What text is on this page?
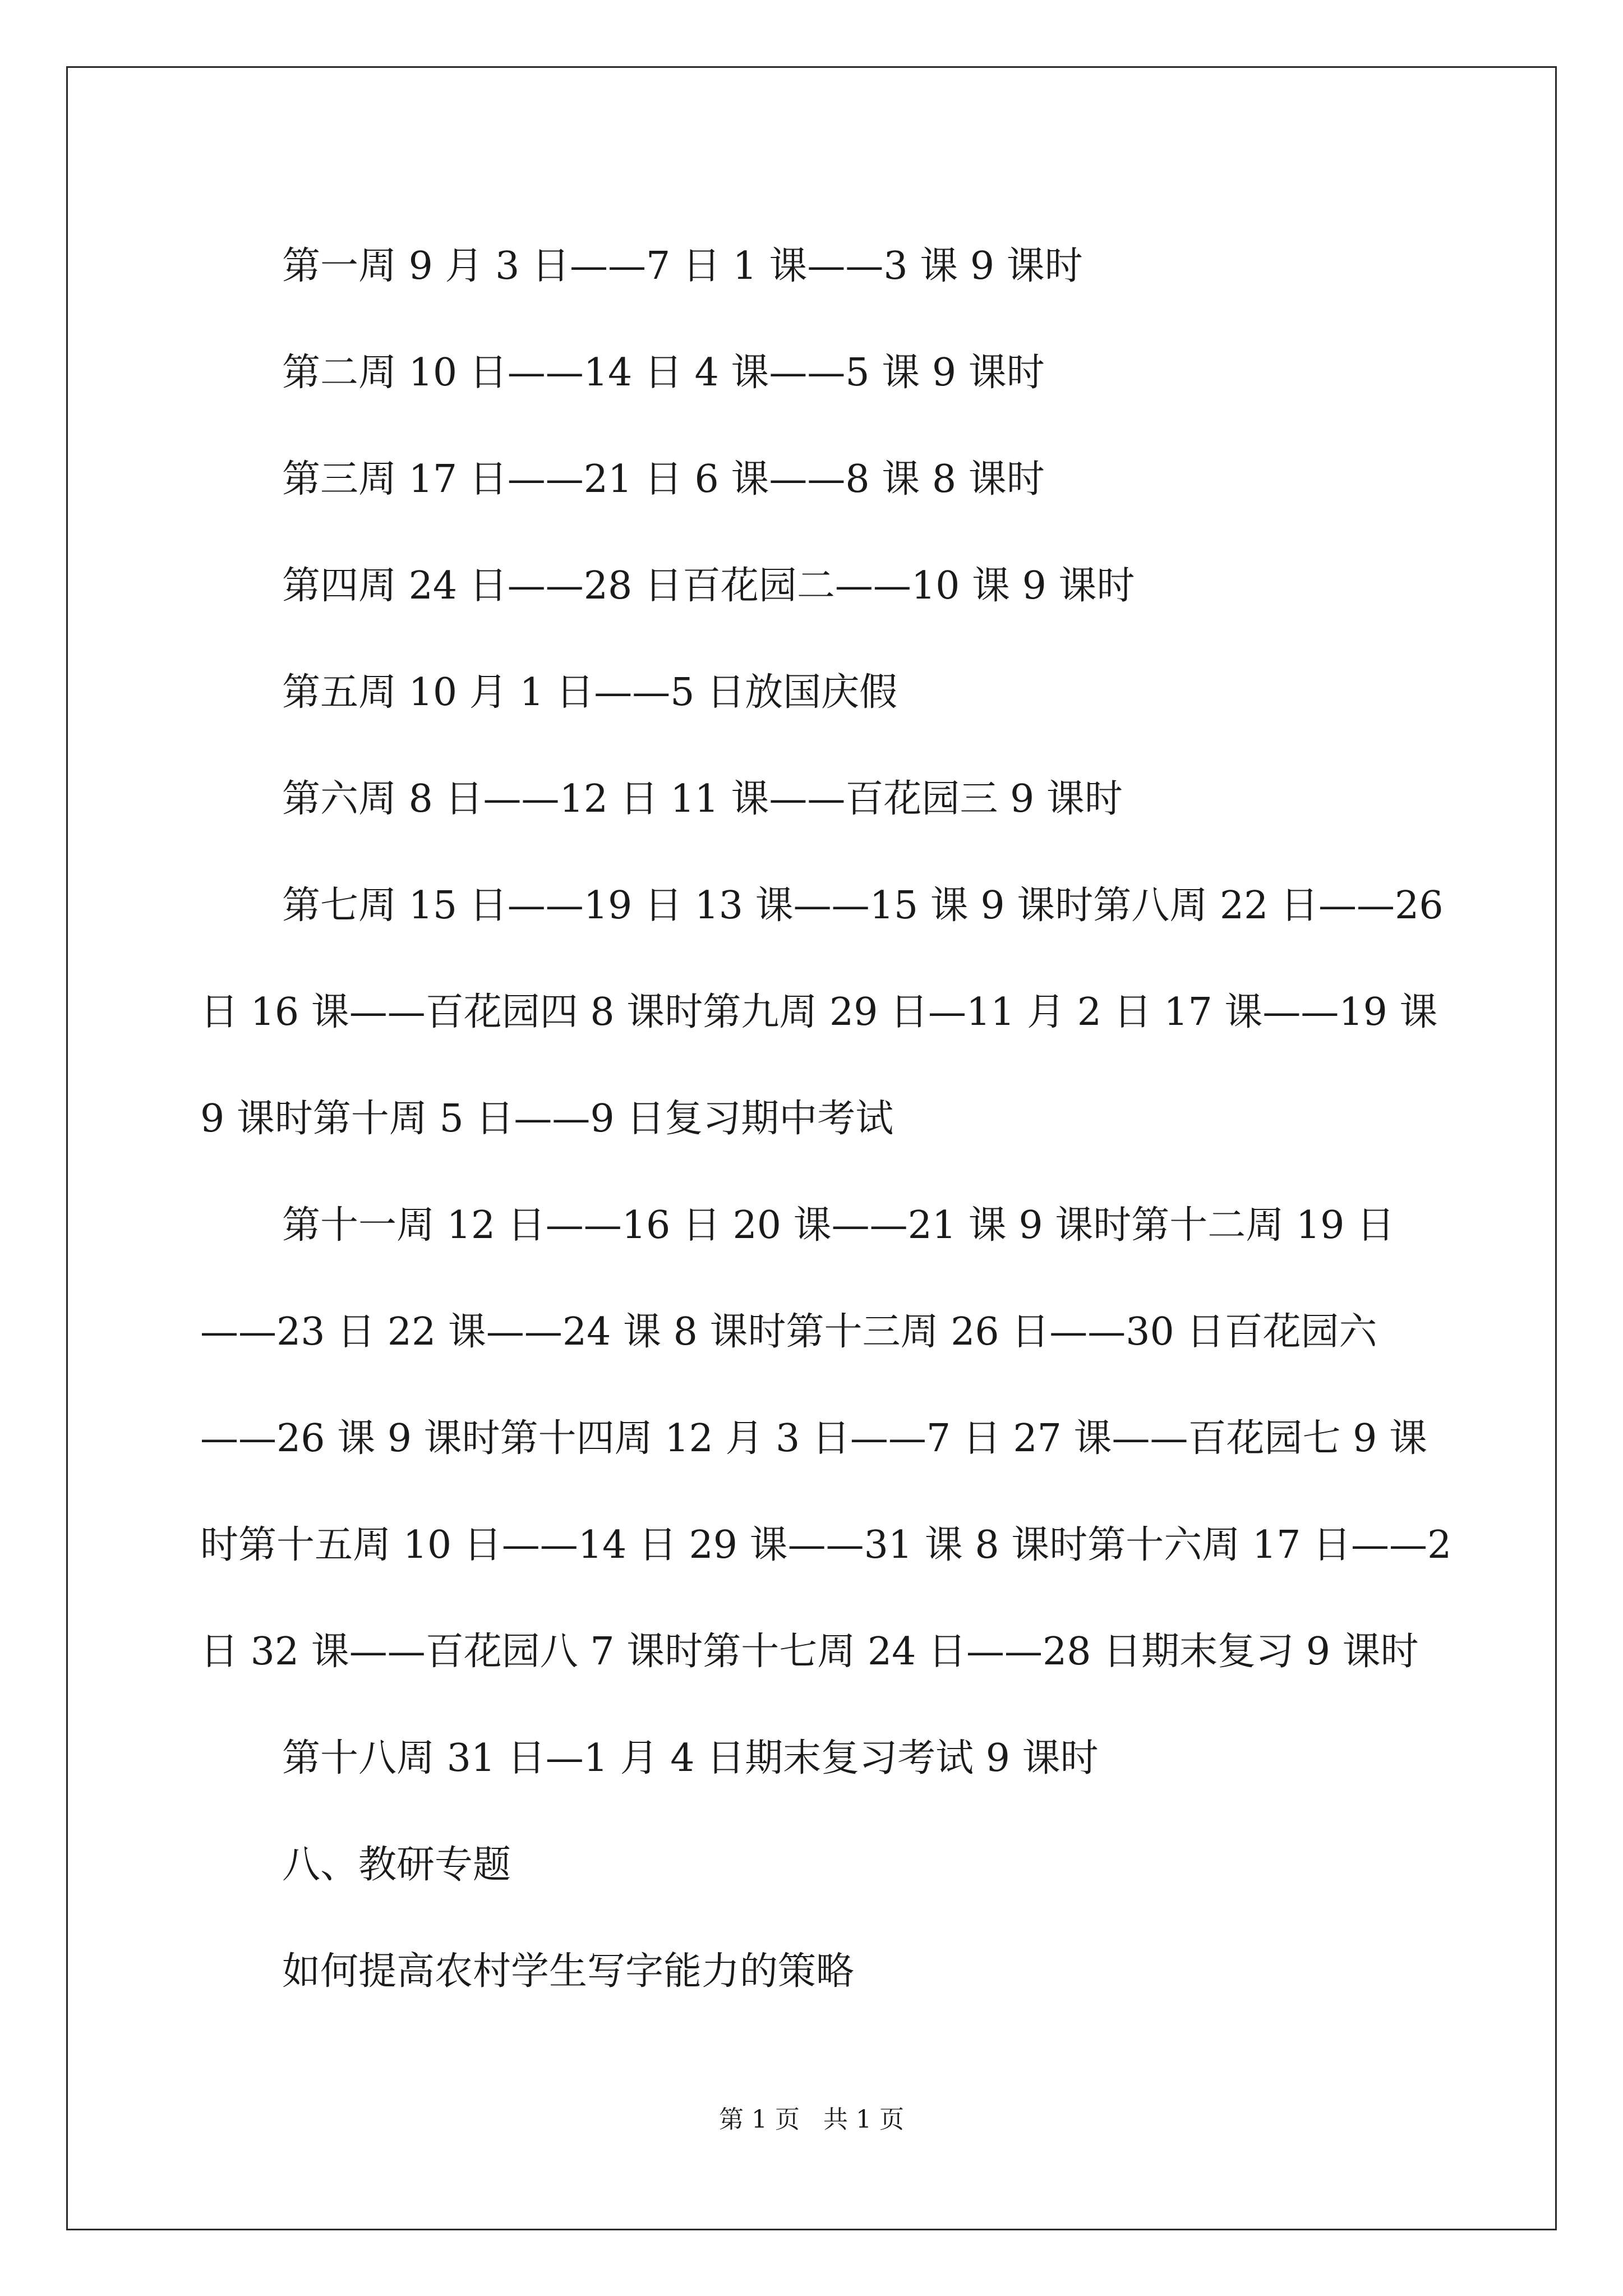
第一周 9 月 3 日——7 日 1 课——3 课 9 课时
第二周 10 日——14 日 4 课——5 课 9 课时
第三周 17 日——21 日 6 课——8 课 8 课时
第四周 24 日——28 日百花园二——10 课 9 课时
第五周 10 月 1 日——5 日放国庆假
第六周 8 日——12 日 11 课——百花园三 9 课时
第七周 15 日——19 日 13 课——15 课 9 课时第八周 22 日——26
日 16 课——百花园四 8 课时第九周 29 日—11 月 2 日 17 课——19 课
9 课时第十周 5 日——9 日复习期中考试
第十一周 12 日——16 日 20 课——21 课 9 课时第十二周 19 日
——23 日 22 课——24 课 8 课时第十三周 26 日——30 日百花园六
——26 课 9 课时第十四周 12 月 3 日——7 日 27 课——百花园七 9 课
时第十五周 10 日——14 日 29 课——31 课 8 课时第十六周 17 日——2
日 32 课——百花园八 7 课时第十七周 24 日——28 日期末复习 9 课时
第十八周 31 日—1 月 4 日期末复习考试 9 课时
八、教研专题
如何提高农村学生写字能力的策略
第 1 页   共 1 页
